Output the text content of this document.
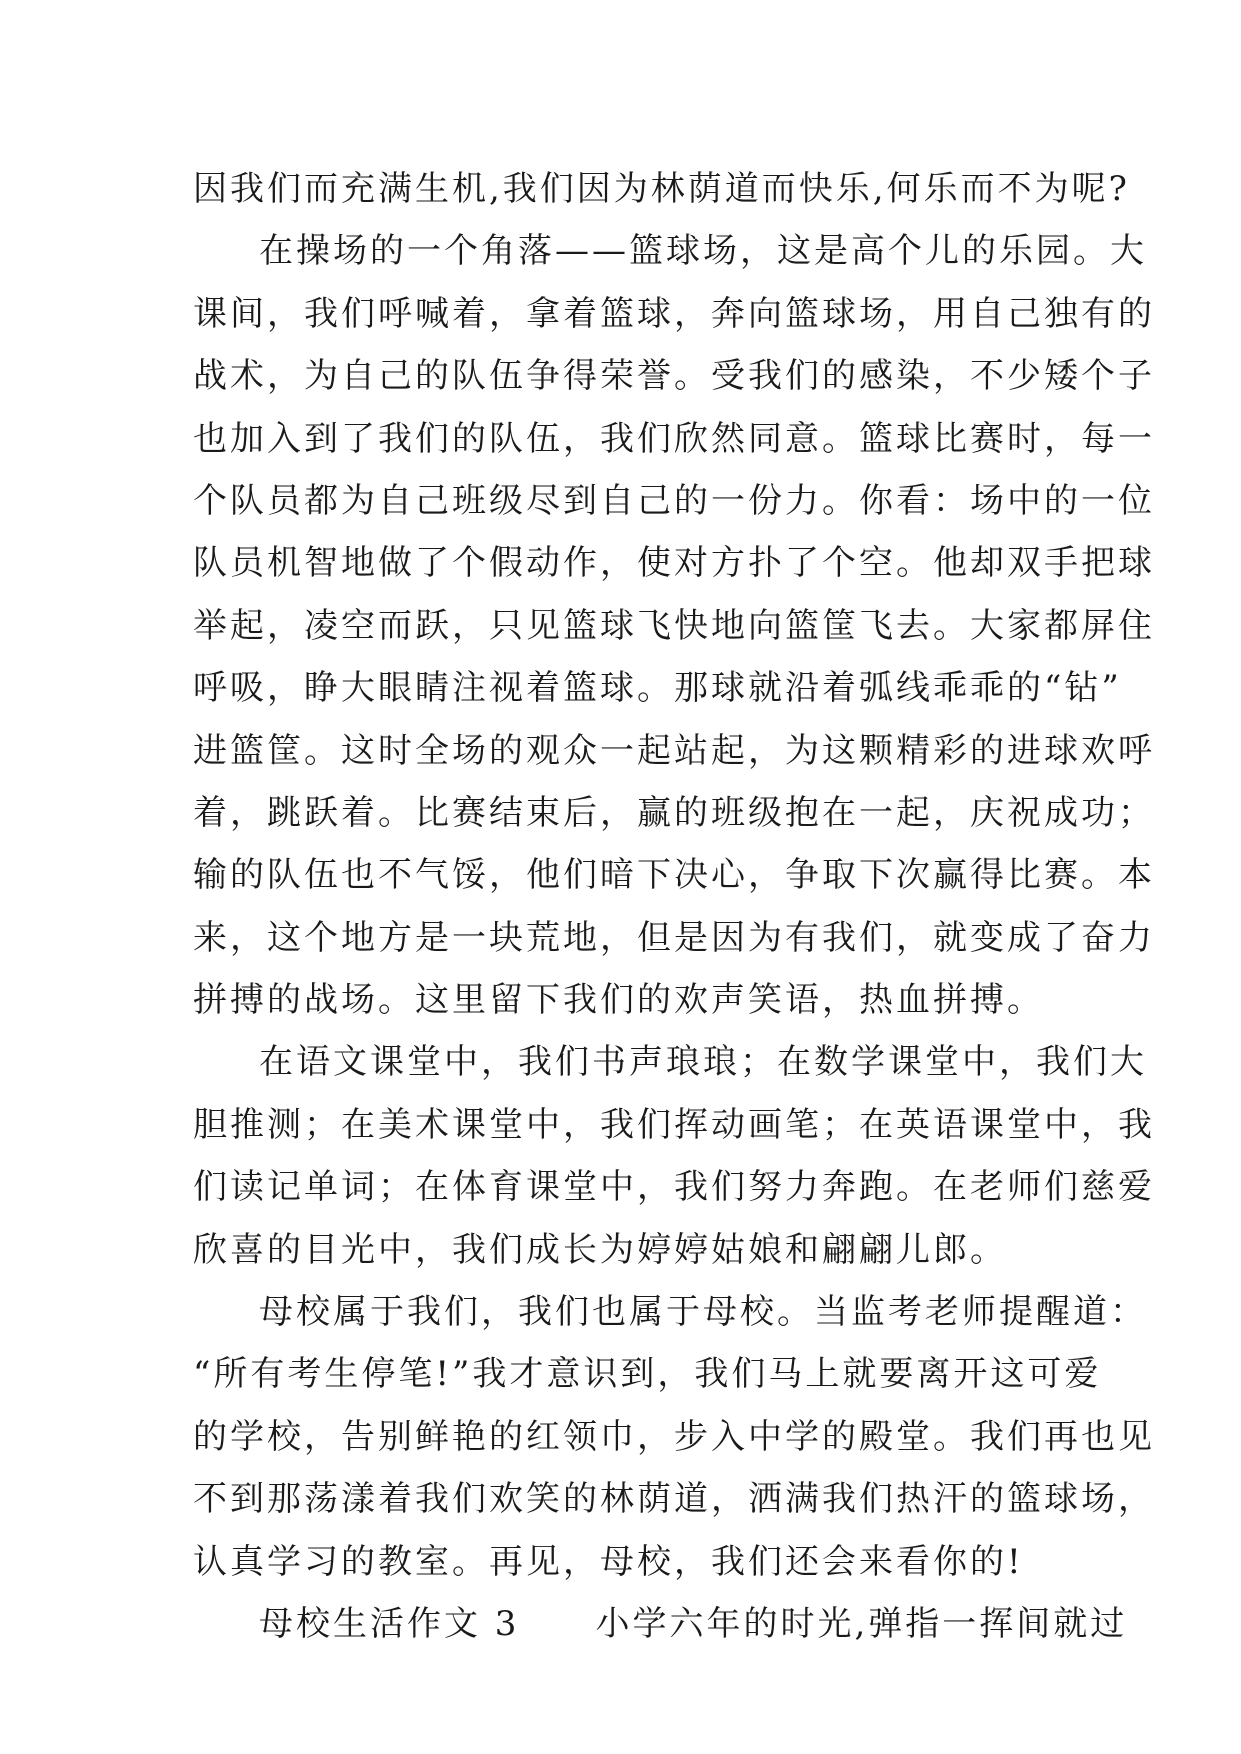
因我们而充满生机,我们因为林荫道而快乐,何乐而不为呢?
在操场的一个角落——篮球场，这是高个儿的乐园。大
课间，我们呼喊着，拿着篮球，奔向篮球场，用自己独有的
战术，为自己的队伍争得荣誉。受我们的感染，不少矮个子
也加入到了我们的队伍，我们欣然同意。篮球比赛时，每一
个队员都为自己班级尽到自己的一份力。你看：场中的一位
队员机智地做了个假动作，使对方扑了个空。他却双手把球
举起，凌空而跃，只见篮球飞快地向篮筐飞去。大家都屏住
呼吸，睁大眼睛注视着篮球。那球就沿着弧线乖乖的“钻”
进篮筐。这时全场的观众一起站起，为这颗精彩的进球欢呼
着，跳跃着。比赛结束后，赢的班级抱在一起，庆祝成功；
输的队伍也不气馁，他们暗下决心，争取下次赢得比赛。本
来，这个地方是一块荒地，但是因为有我们，就变成了奋力
拼搏的战场。这里留下我们的欢声笑语，热血拼搏。
在语文课堂中，我们书声琅琅；在数学课堂中，我们大
胆推测；在美术课堂中，我们挥动画笔；在英语课堂中，我
们读记单词；在体育课堂中，我们努力奔跑。在老师们慈爱
欣喜的目光中，我们成长为婷婷姑娘和翩翩儿郎。
母校属于我们，我们也属于母校。当监考老师提醒道：
“所有考生停笔!”我才意识到，我们马上就要离开这可爱
的学校，告别鲜艳的红领巾，步入中学的殿堂。我们再也见
不到那荡漾着我们欢笑的林荫道，洒满我们热汗的篮球场，
认真学习的教室。再见，母校，我们还会来看你的!
母校生活作文 3 小学六年的时光,弹指一挥间就过
